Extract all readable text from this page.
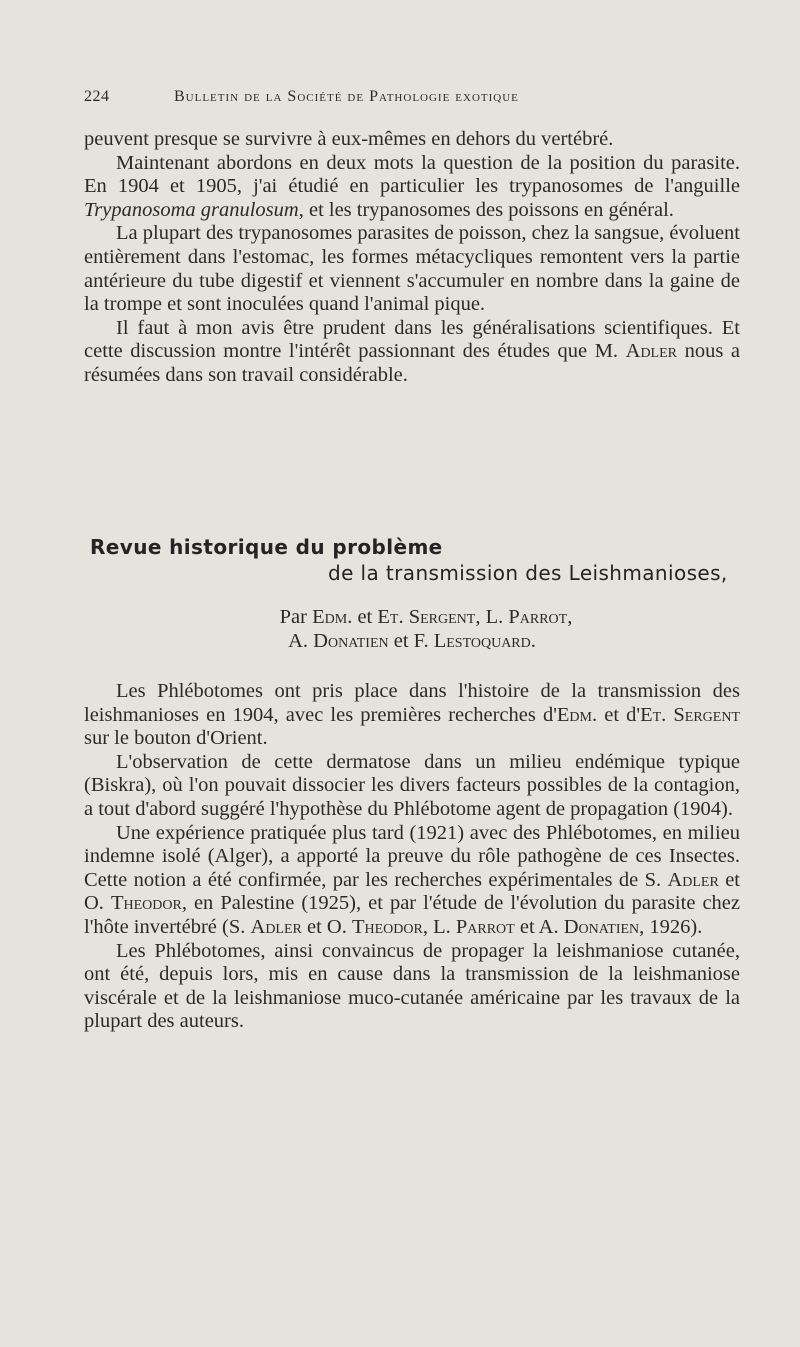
224	Bulletin de la Société de Pathologie exotique

peuvent presque se survivre à eux-mêmes en dehors du vertébré.

Maintenant abordons en deux mots la question de la position du parasite. En 1904 et 1905, j'ai étudié en particulier les trypanosomes de l'anguille Trypanosoma granulosum, et les trypanosomes des poissons en général.

La plupart des trypanosomes parasites de poisson, chez la sangsue, évoluent entièrement dans l'estomac, les formes métacycliques remontent vers la partie antérieure du tube digestif et viennent s'accumuler en nombre dans la gaine de la trompe et sont inoculées quand l'animal pique.

Il faut à mon avis être prudent dans les généralisations scientifiques. Et cette discussion montre l'intérêt passionnant des études que M. Adler nous a résumées dans son travail considérable.

Revue historique du problème
de la transmission des Leishmanioses,
Par Edm. et Et. Sergent, L. Parrot,
A. Donatien et F. Lestoquard.

Les Phlébotomes ont pris place dans l'histoire de la transmission des leishmanioses en 1904, avec les premières recherches d'Edm. et d'Et. Sergent sur le bouton d'Orient.

L'observation de cette dermatose dans un milieu endémique typique (Biskra), où l'on pouvait dissocier les divers facteurs possibles de la contagion, a tout d'abord suggéré l'hypothèse du Phlébotome agent de propagation (1904).

Une expérience pratiquée plus tard (1921) avec des Phlébotomes, en milieu indemne isolé (Alger), a apporté la preuve du rôle pathogène de ces Insectes. Cette notion a été confirmée, par les recherches expérimentales de S. Adler et O. Theodor, en Palestine (1925), et par l'étude de l'évolution du parasite chez l'hôte invertébré (S. Adler et O. Theodor, L. Parrot et A. Donatien, 1926).

Les Phlébotomes, ainsi convaincus de propager la leishmaniose cutanée, ont été, depuis lors, mis en cause dans la transmission de la leishmaniose viscérale et de la leishmaniose muco-cutanée américaine par les travaux de la plupart des auteurs.
